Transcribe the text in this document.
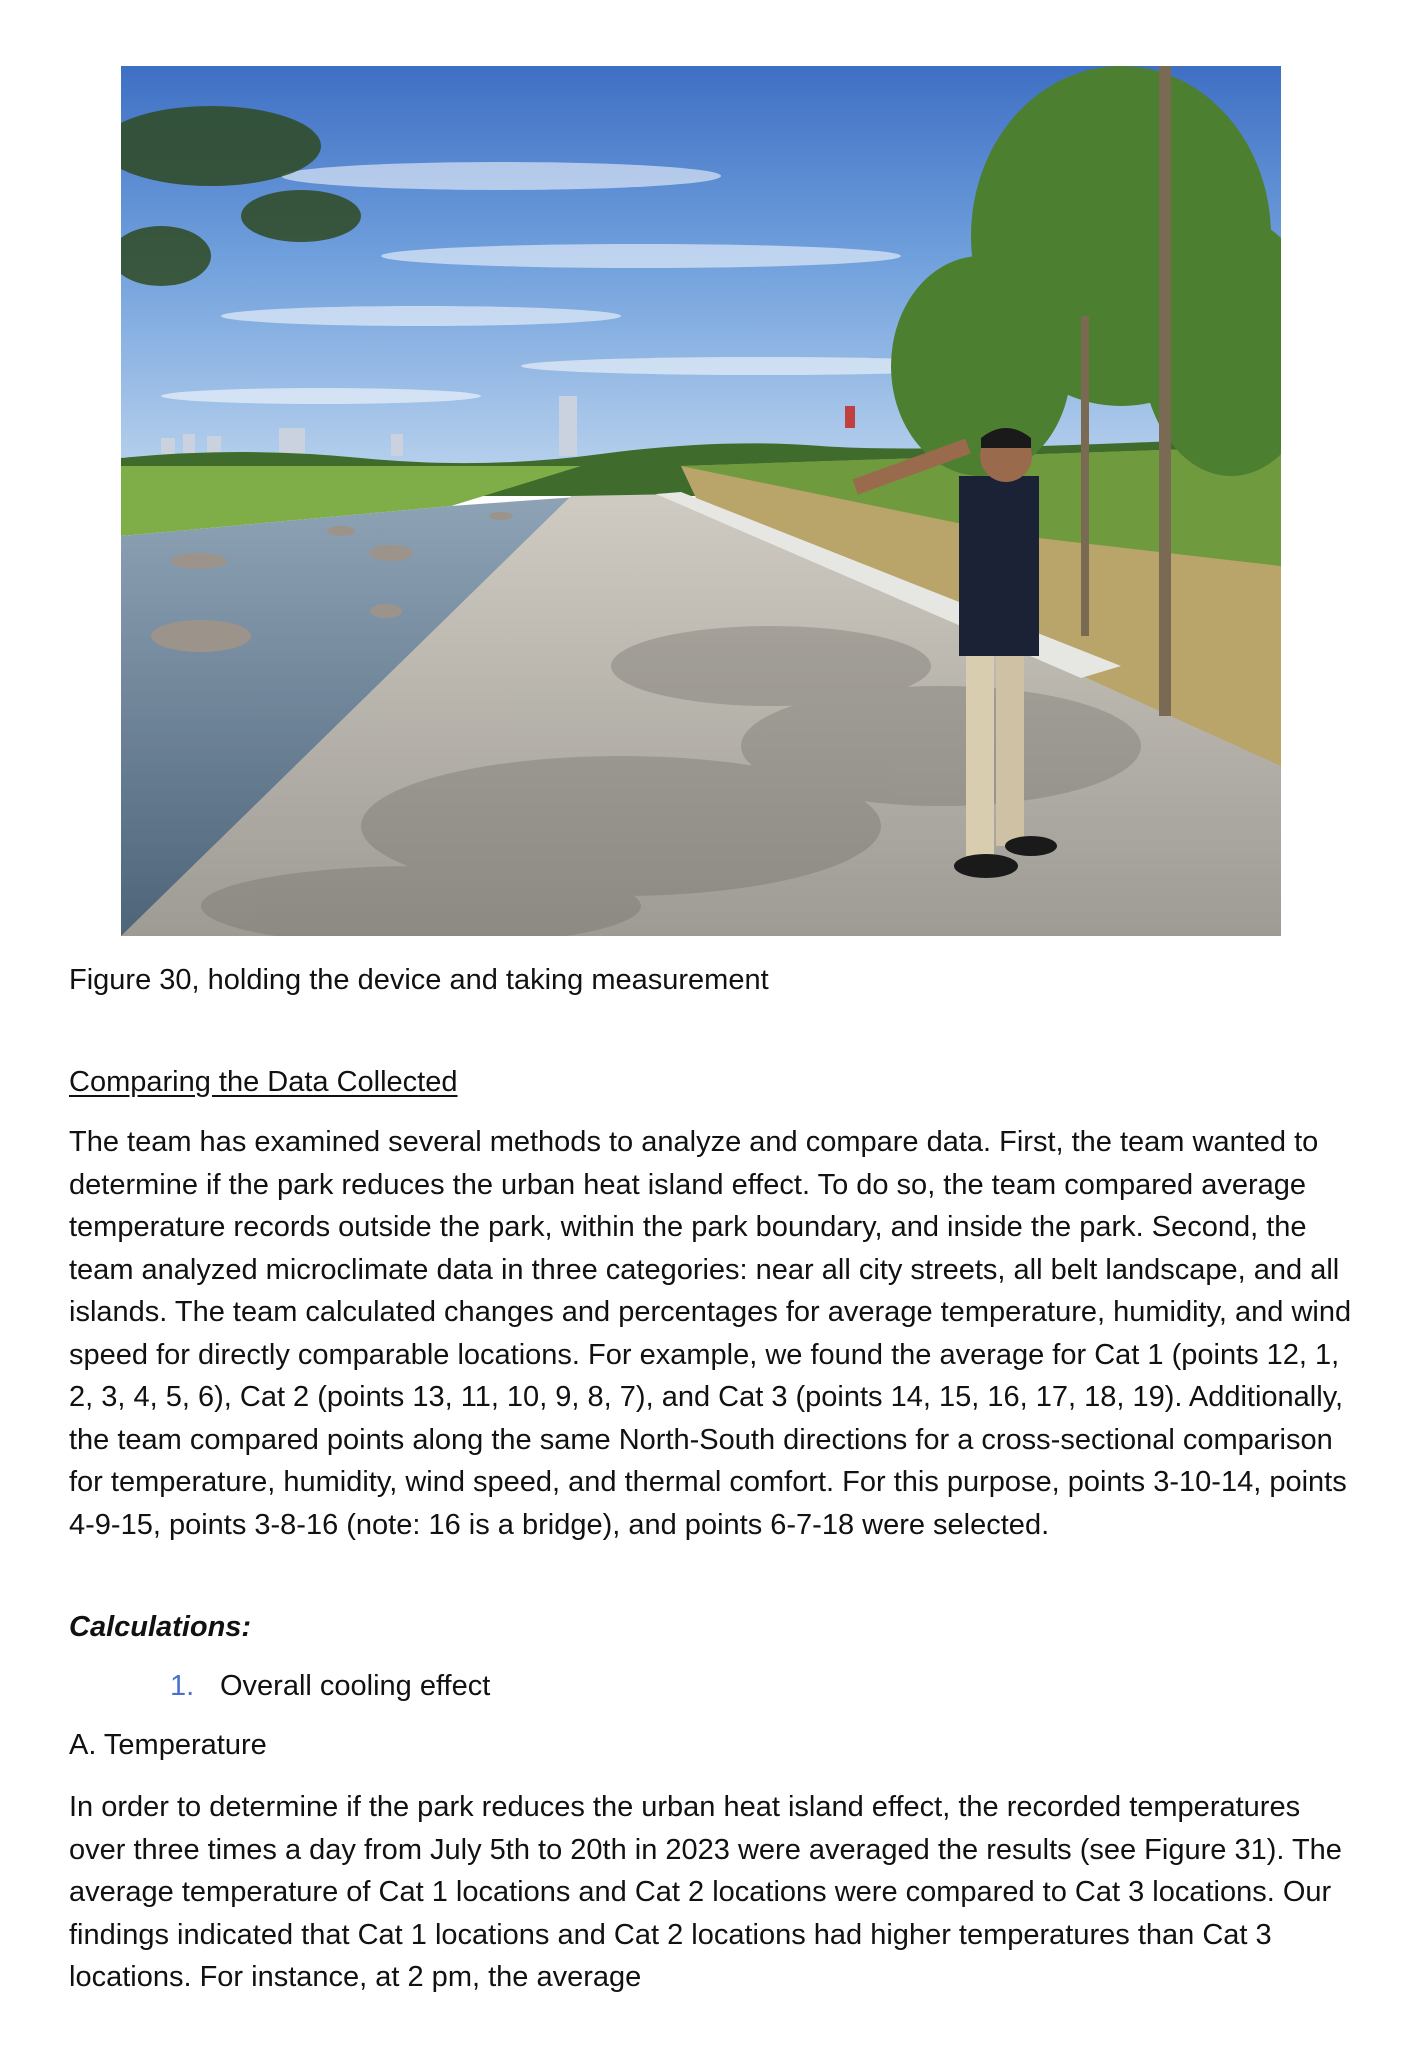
Figure 30, holding the device and taking measurement

Comparing the Data Collected

The team has examined several methods to analyze and compare data. First, the team wanted to determine if the park reduces the urban heat island effect. To do so, the team compared average temperature records outside the park, within the park boundary, and inside the park. Second, the team analyzed microclimate data in three categories: near all city streets, all belt landscape, and all islands. The team calculated changes and percentages for average temperature, humidity, and wind speed for directly comparable locations. For example, we found the average for Cat 1 (points 12, 1, 2, 3, 4, 5, 6), Cat 2 (points 13, 11, 10, 9, 8, 7), and Cat 3 (points 14, 15, 16, 17, 18, 19). Additionally, the team compared points along the same North-South directions for a cross-sectional comparison for temperature, humidity, wind speed, and thermal comfort. For this purpose, points 3-10-14, points 4-9-15, points 3-8-16 (note: 16 is a bridge), and points 6-7-18 were selected.

Calculations:

1. Overall cooling effect

A. Temperature

In order to determine if the park reduces the urban heat island effect, the recorded temperatures over three times a day from July 5th to 20th in 2023 were averaged the results (see Figure 31). The average temperature of Cat 1 locations and Cat 2 locations were compared to Cat 3 locations. Our findings indicated that Cat 1 locations and Cat 2 locations had higher temperatures than Cat 3 locations. For instance, at 2 pm, the average
